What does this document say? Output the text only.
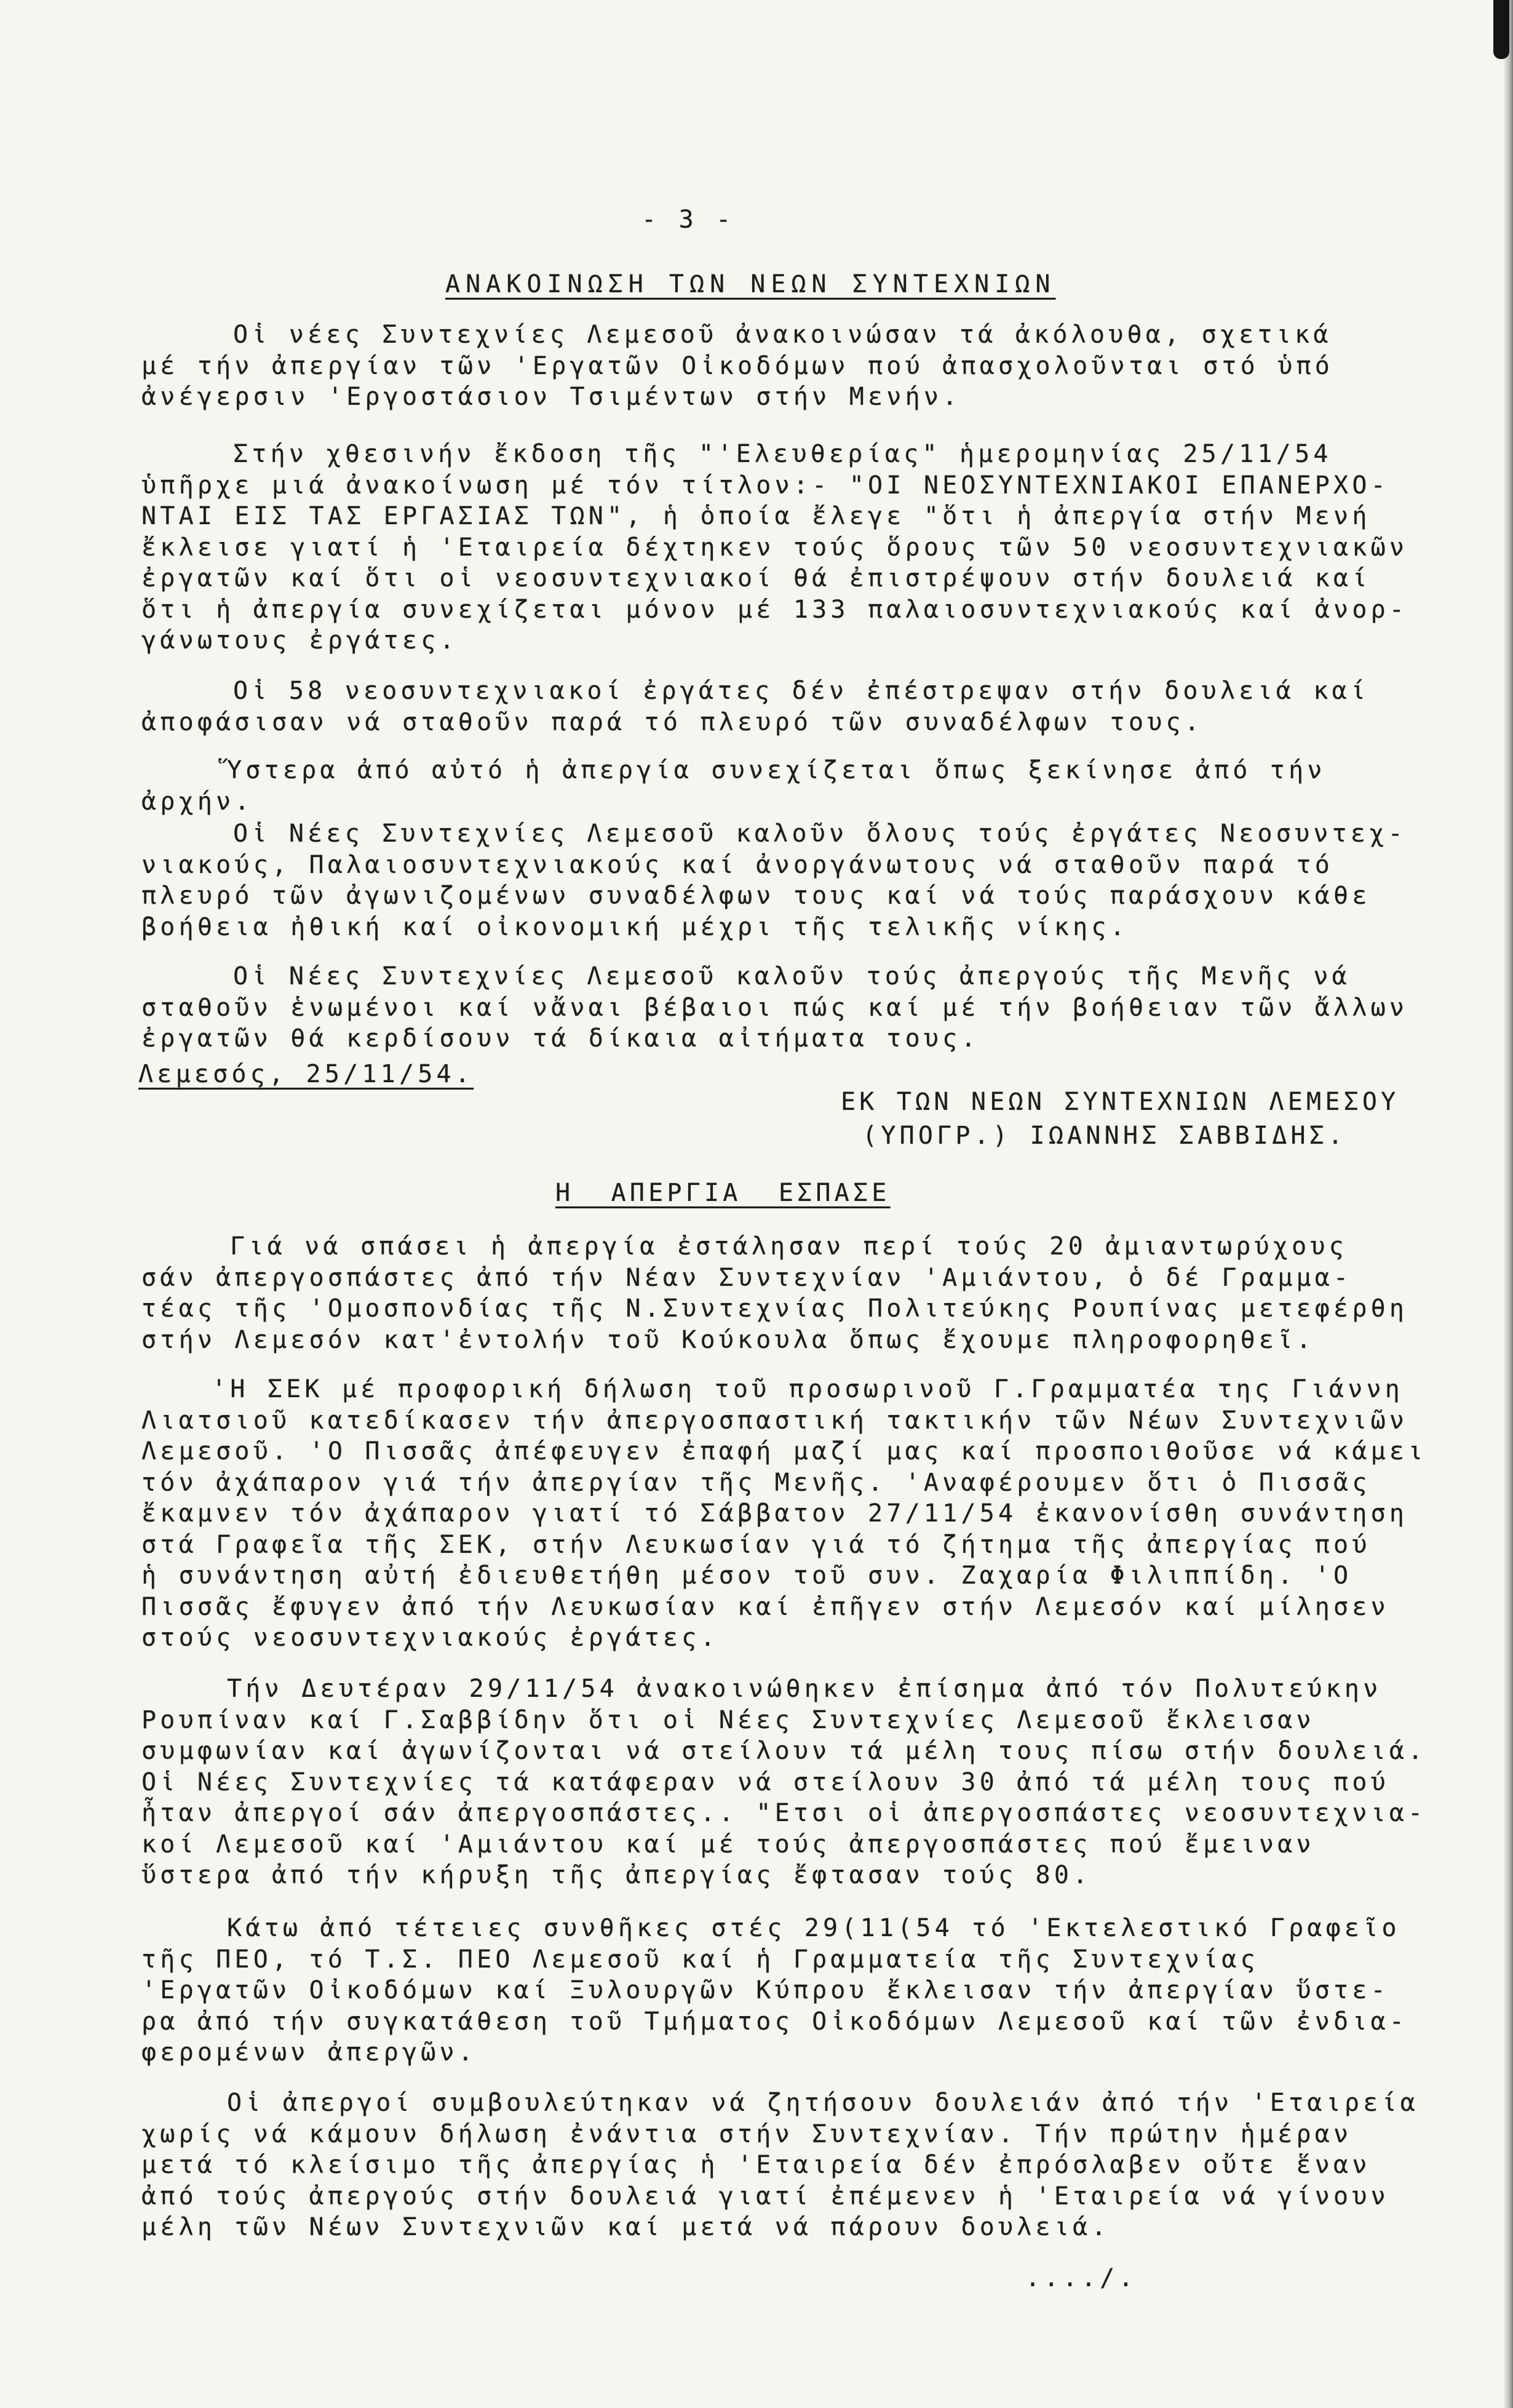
- 3 -
ΑΝΑΚΟΙΝΩΣΗ ΤΩΝ ΝΕΩΝ ΣΥΝΤΕΧΝΙΩΝ
Οἱ νέες Συντεχνίες Λεμεσοῦ ἀνακοινώσαν τά ἀκόλουθα, σχετικά
μέ τήν ἀπεργίαν τῶν 'Εργατῶν Οἰκοδόμων πού ἀπασχολοῦνται στό ὑπό
ἀνέγερσιν 'Εργοστάσιον Τσιμέντων στήν Μενήν.
Στήν χθεσινήν ἔκδοση τῆς "'Ελευθερίας" ἡμερομηνίας 25/11/54
ὑπῆρχε μιά ἀνακοίνωση μέ τόν τίτλον:- "ΟΙ ΝΕΟΣΥΝΤΕΧΝΙΑΚΟΙ ΕΠΑΝΕΡΧΟ-
ΝΤΑΙ ΕΙΣ ΤΑΣ ΕΡΓΑΣΙΑΣ ΤΩΝ", ἡ ὁποία ἔλεγε "ὅτι ἡ ἀπεργία στήν Μενή
ἔκλεισε γιατί ἡ 'Εταιρεία δέχτηκεν τούς ὅρους τῶν 50 νεοσυντεχνιακῶν
ἐργατῶν καί ὅτι οἱ νεοσυντεχνιακοί θά ἐπιστρέψουν στήν δουλειά καί
ὅτι ἡ ἀπεργία συνεχίζεται μόνον μέ 133 παλαιοσυντεχνιακούς καί ἀνορ-
γάνωτους ἐργάτες.
Οἱ 58 νεοσυντεχνιακοί ἐργάτες δέν ἐπέστρεψαν στήν δουλειά καί
ἀποφάσισαν νά σταθοῦν παρά τό πλευρό τῶν συναδέλφων τους.
Ὕστερα ἀπό αὐτό ἡ ἀπεργία συνεχίζεται ὅπως ξεκίνησε ἀπό τήν
ἀρχήν.
Οἱ Νέες Συντεχνίες Λεμεσοῦ καλοῦν ὅλους τούς ἐργάτες Νεοσυντεχ-
νιακούς, Παλαιοσυντεχνιακούς καί ἀνοργάνωτους νά σταθοῦν παρά τό
πλευρό τῶν ἀγωνιζομένων συναδέλφων τους καί νά τούς παράσχουν κάθε
βοήθεια ἠθική καί οἰκονομική μέχρι τῆς τελικῆς νίκης.
Οἱ Νέες Συντεχνίες Λεμεσοῦ καλοῦν τούς ἀπεργούς τῆς Μενῆς νά
σταθοῦν ἑνωμένοι καί νἄναι βέβαιοι πώς καί μέ τήν βοήθειαν τῶν ἄλλων
ἐργατῶν θά κερδίσουν τά δίκαια αἰτήματα τους.
Λεμεσός, 25/11/54.
ΕΚ ΤΩΝ ΝΕΩΝ ΣΥΝΤΕΧΝΙΩΝ ΛΕΜΕΣΟΥ
(ΥΠΟΓΡ.) ΙΩΑΝΝΗΣ ΣΑΒΒΙΔΗΣ.
Η ΑΠΕΡΓΙΑ ΕΣΠΑΣΕ
Γιά νά σπάσει ἡ ἀπεργία ἐστάλησαν περί τούς 20 ἀμιαντωρύχους
σάν ἀπεργοσπάστες ἀπό τήν Νέαν Συντεχνίαν 'Αμιάντου, ὁ δέ Γραμμα-
τέας τῆς 'Ομοσπονδίας τῆς Ν.Συντεχνίας Πολιτεύκης Ρουπίνας μετεφέρθη
στήν Λεμεσόν κατ'ἐντολήν τοῦ Κούκουλα ὅπως ἔχουμε πληροφορηθεῖ.
'Η ΣΕΚ μέ προφορική δήλωση τοῦ προσωρινοῦ Γ.Γραμματέα της Γιάννη
Λιατσιοῦ κατεδίκασεν τήν ἀπεργοσπαστική τακτικήν τῶν Νέων Συντεχνιῶν
Λεμεσοῦ. 'Ο Πισσᾶς ἀπέφευγεν ἐπαφή μαζί μας καί προσποιθοῦσε νά κάμει
τόν ἀχάπαρον γιά τήν ἀπεργίαν τῆς Μενῆς. 'Αναφέρουμεν ὅτι ὁ Πισσᾶς
ἔκαμνεν τόν ἀχάπαρον γιατί τό Σάββατον 27/11/54 ἐκανονίσθη συνάντηση
στά Γραφεῖα τῆς ΣΕΚ, στήν Λευκωσίαν γιά τό ζήτημα τῆς ἀπεργίας πού
ἡ συνάντηση αὐτή ἐδιευθετήθη μέσον τοῦ συν. Ζαχαρία Φιλιππίδη. 'Ο
Πισσᾶς ἔφυγεν ἀπό τήν Λευκωσίαν καί ἐπῆγεν στήν Λεμεσόν καί μίλησεν
στούς νεοσυντεχνιακούς ἐργάτες.
Τήν Δευτέραν 29/11/54 ἀνακοινώθηκεν ἐπίσημα ἀπό τόν Πολυτεύκην
Ρουπίναν καί Γ.Σαββίδην ὅτι οἱ Νέες Συντεχνίες Λεμεσοῦ ἔκλεισαν
συμφωνίαν καί ἀγωνίζονται νά στείλουν τά μέλη τους πίσω στήν δουλειά.
Οἱ Νέες Συντεχνίες τά κατάφεραν νά στείλουν 30 ἀπό τά μέλη τους πού
ἦταν ἀπεργοί σάν ἀπεργοσπάστες.. "Ετσι οἱ ἀπεργοσπάστες νεοσυντεχνια-
κοί Λεμεσοῦ καί 'Αμιάντου καί μέ τούς ἀπεργοσπάστες πού ἔμειναν
ὕστερα ἀπό τήν κήρυξη τῆς ἀπεργίας ἔφτασαν τούς 80.
Κάτω ἀπό τέτειες συνθῆκες στές 29(11(54 τό 'Εκτελεστικό Γραφεῖο
τῆς ΠΕΟ, τό Τ.Σ. ΠΕΟ Λεμεσοῦ καί ἡ Γραμματεία τῆς Συντεχνίας
'Εργατῶν Οἰκοδόμων καί Ξυλουργῶν Κύπρου ἔκλεισαν τήν ἀπεργίαν ὕστε-
ρα ἀπό τήν συγκατάθεση τοῦ Τμήματος Οἰκοδόμων Λεμεσοῦ καί τῶν ἐνδια-
φερομένων ἀπεργῶν.
Οἱ ἀπεργοί συμβουλεύτηκαν νά ζητήσουν δουλειάν ἀπό τήν 'Εταιρεία
χωρίς νά κάμουν δήλωση ἐνάντια στήν Συντεχνίαν. Τήν πρώτην ἡμέραν
μετά τό κλείσιμο τῆς ἀπεργίας ἡ 'Εταιρεία δέν ἐπρόσλαβεν οὔτε ἕναν
ἀπό τούς ἀπεργούς στήν δουλειά γιατί ἐπέμενεν ἡ 'Εταιρεία νά γίνουν
μέλη τῶν Νέων Συντεχνιῶν καί μετά νά πάρουν δουλειά.
..../.
